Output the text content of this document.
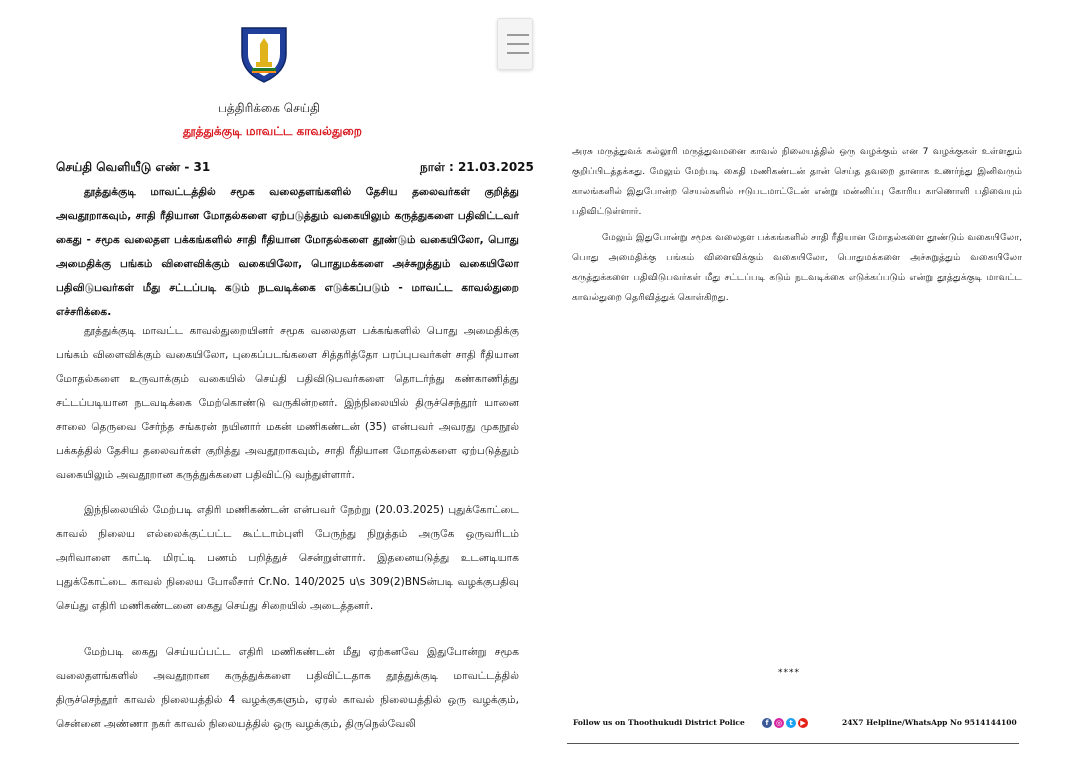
பத்திரிக்கை செய்தி
தூத்துக்குடி மாவட்ட காவல்துறை
செய்தி வெளியீடு எண் - 31	நாள் : 21.03.2025

தூத்துக்குடி மாவட்டத்தில் சமூக வலைதளங்களில் தேசிய தலைவர்கள் குறித்து அவதூறாகவும், சாதி ரீதியான மோதல்களை ஏற்படுத்தும் வகையிலும் கருத்துகளை பதிவிட்டவர் கைது - சமூக வலைதள பக்கங்களில் சாதி ரீதியான மோதல்களை தூண்டும் வகையிலோ, பொது அமைதிக்கு பங்கம் விளைவிக்கும் வகையிலோ, பொதுமக்களை அச்சுறுத்தும் வகையிலோ பதிவிடுபவர்கள் மீது சட்டப்படி கடும் நடவடிக்கை எடுக்கப்படும் - மாவட்ட காவல்துறை எச்சரிக்கை.

தூத்துக்குடி மாவட்ட காவல்துறையினர் சமூக வலைதள பக்கங்களில் பொது அமைதிக்கு பங்கம் விளைவிக்கும் வகையிலோ, புகைப்படங்களை சித்தரித்தோ பரப்புபவர்கள் சாதி ரீதியான மோதல்களை உருவாக்கும் வகையில் செய்தி பதிவிடுபவர்களை தொடர்ந்து கண்காணித்து சட்டப்படியான நடவடிக்கை மேற்கொண்டு வருகின்றனர். இந்நிலையில் திருச்செந்தூர் யானை சாலை தெருவை சேர்ந்த சங்கரன் நயினார் மகன் மணிகண்டன் (35) என்பவர் அவரது முகநூல் பக்கத்தில் தேசிய தலைவர்கள் குறித்து அவதூறாகவும், சாதி ரீதியான மோதல்களை ஏற்படுத்தும் வகையிலும் அவதூறான கருத்துக்களை பதிவிட்டு வந்துள்ளார்.

இந்நிலையில் மேற்படி எதிரி மணிகண்டன் என்பவர் நேற்று (20.03.2025) புதுக்கோட்டை காவல் நிலைய எல்லைக்குட்பட்ட கூட்டாம்புளி பேருந்து நிறுத்தம் அருகே ஒருவரிடம் அரிவாளை காட்டி மிரட்டி பணம் பறித்துச் சென்றுள்ளார். இதனையடுத்து உடனடியாக புதுக்கோட்டை காவல் நிலைய போலீசார் Cr.No. 140/2025 u\s 309(2)BNSன்படி வழக்குபதிவு செய்து எதிரி மணிகண்டனை கைது செய்து சிறையில் அடைத்தனர்.

மேற்படி கைது செய்யப்பட்ட எதிரி மணிகண்டன் மீது ஏற்கனவே இதுபோன்று சமூக வலைதளங்களில் அவதூறான கருத்துக்களை பதிவிட்டதாக தூத்துக்குடி மாவட்டத்தில் திருச்செந்தூர் காவல் நிலையத்தில் 4 வழக்குகளும், ஏரல் காவல் நிலையத்தில் ஒரு வழக்கும், சென்னை அண்ணா நகர் காவல் நிலையத்தில் ஒரு வழக்கும், திருநெல்வேலி

அரசு மருத்துவக் கல்லூரி மருத்துவமனை காவல் நிலையத்தில் ஒரு வழக்கும் என 7 வழக்குகள் உள்ளதும் குறிப்பிடத்தக்கது. மேலும் மேற்படி கைதி மணிகண்டன் தான் செய்த தவறை தானாக உணர்ந்து இனிவரும் காலங்களில் இதுபோன்ற செயல்களில் ஈடுபடமாட்டேன் என்று மன்னிப்பு கோரிய காணொளி பதிவையும் பதிவிட்டுள்ளார்.

மேலும் இதுபோன்று சமூக வலைதள பக்கங்களில் சாதி ரீதியான மோதல்களை தூண்டும் வகையிலோ, பொது அமைதிக்கு பங்கம் விளைவிக்கும் வகையிலோ, பொதுமக்களை அச்சுறுத்தும் வகையிலோ கருத்துக்களை பதிவிடுபவர்கள் மீது சட்டப்படி கடும் நடவடிக்கை எடுக்கப்படும் என்று தூத்துக்குடி மாவட்ட காவல்துறை தெரிவித்துக் கொள்கிறது.

****
Follow us on Thoothukudi District Police	f	◎	t	▶	24X7 Helpline/WhatsApp No 9514144100
